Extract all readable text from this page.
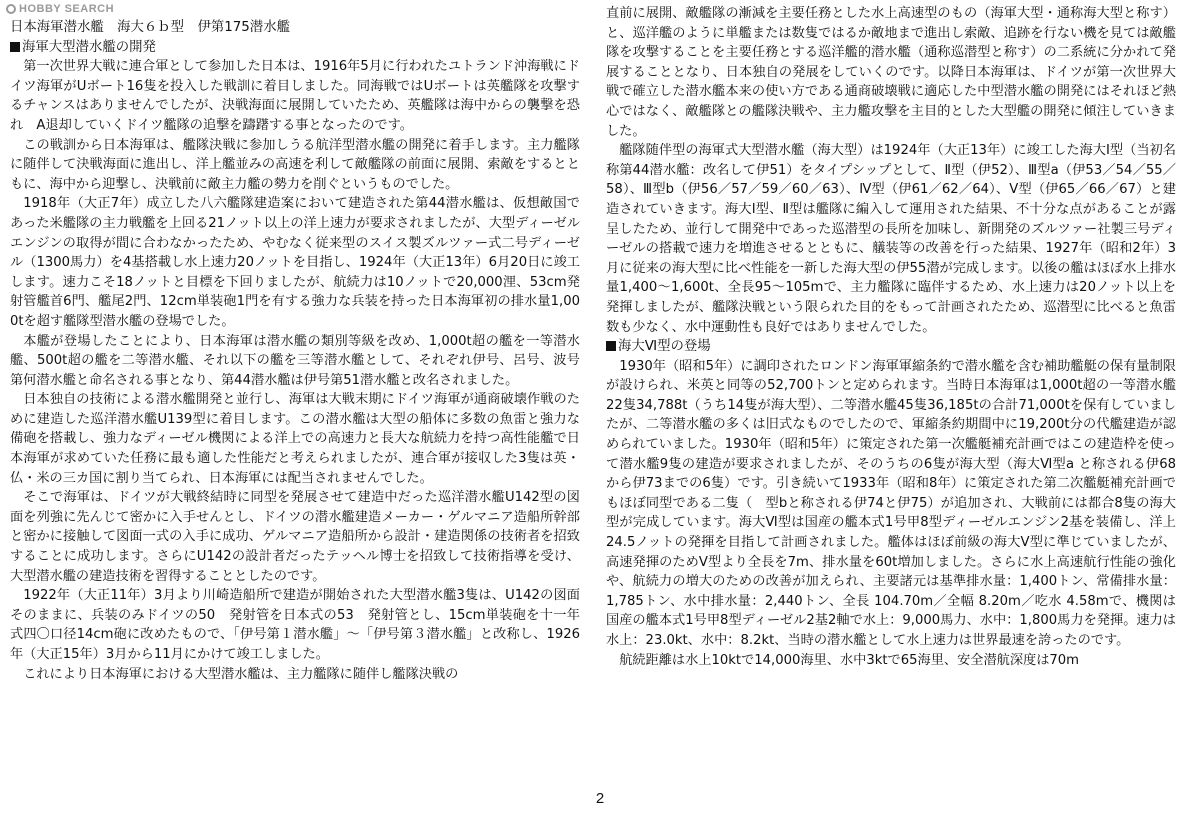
HOBBY SEARCH
日本海軍潜水艦　海大６ｂ型　伊第175潜水艦
海軍大型潜水艦の開発

第一次世界大戦に連合軍として参加した日本は、1916年5月に行われたユトランド沖海戦にドイツ海軍がUボート16隻を投入した戦訓に着目しました。同海戦ではUボートは英艦隊を攻撃するチャンスはありませんでしたが、決戦海面に展開していたため、英艦隊は海中からの襲撃を恐れ　A退却していくドイツ艦隊の追撃を躊躇する事となったのです。

この戦訓から日本海軍は、艦隊決戦に参加しうる航洋型潜水艦の開発に着手します。主力艦隊に随伴して決戦海面に進出し、洋上艦並みの高速を利して敵艦隊の前面に展開、索敵をするとともに、海中から迎撃し、決戦前に敵主力艦の勢力を削ぐというものでした。

1918年（大正7年）成立した八六艦隊建造案において建造された第44潜水艦は、仮想敵国であった米艦隊の主力戦艦を上回る21ノット以上の洋上速力が要求されましたが、大型ディーゼルエンジンの取得が間に合わなかったため、やむなく従来型のスイス製ズルツァー式二号ディーゼル（1300馬力）を4基搭載し水上速力20ノットを目指し、1924年（大正13年）6月20日に竣工します。速力こそ18ノットと目標を下回りましたが、航続力は10ノットで20,000浬、53cm発射管艦首6門、艦尾2門、12cm単装砲1門を有する強力な兵装を持った日本海軍初の排水量1,000tを超す艦隊型潜水艦の登場でした。

本艦が登場したことにより、日本海軍は潜水艦の類別等級を改め、1,000t超の艦を一等潜水艦、500t超の艦を二等潜水艦、それ以下の艦を三等潜水艦として、それぞれ伊号、呂号、波号第何潜水艦と命名される事となり、第44潜水艦は伊号第51潜水艦と改名されました。

日本独自の技術による潜水艦開発と並行し、海軍は大戦末期にドイツ海軍が通商破壊作戦のために建造した巡洋潜水艦U139型に着目します。この潜水艦は大型の船体に多数の魚雷と強力な備砲を搭載し、強力なディーゼル機関による洋上での高速力と長大な航続力を持つ高性能艦で日本海軍が求めていた任務に最も適した性能だと考えられましたが、連合軍が接収した3隻は英・仏・米の三カ国に割り当てられ、日本海軍には配当されませんでした。

そこで海軍は、ドイツが大戦終結時に同型を発展させて建造中だった巡洋潜水艦U142型の図面を列強に先んじて密かに入手せんとし、ドイツの潜水艦建造メーカー・ゲルマニア造船所幹部と密かに接触して図面一式の入手に成功、ゲルマニア造船所から設計・建造関係の技術者を招致することに成功します。さらにU142の設計者だったテッヘル博士を招致して技術指導を受け、大型潜水艦の建造技術を習得することとしたのです。

1922年（大正11年）3月より川崎造船所で建造が開始された大型潜水艦3隻は、U142の図面そのままに、兵装のみドイツの50　発射管を日本式の53　発射管とし、15cm単装砲を十一年式四〇口径14cm砲に改めたもので、「伊号第１潜水艦」～「伊号第３潜水艦」と改称し、1926年（大正15年）3月から11月にかけて竣工しました。

これにより日本海軍における大型潜水艦は、主力艦隊に随伴し艦隊決戦の

直前に展開、敵艦隊の漸減を主要任務とした水上高速型のもの（海軍大型・通称海大型と称す）と、巡洋艦のように単艦または数隻ではるか敵地まで進出し索敵、追跡を行ない機を見ては敵艦隊を攻撃することを主要任務とする巡洋艦的潜水艦（通称巡潜型と称す）の二系統に分かれて発展することとなり、日本独自の発展をしていくのです。以降日本海軍は、ドイツが第一次世界大戦で確立した潜水艦本来の使い方である通商破壊戦に適応した中型潜水艦の開発にはそれほど熱心ではなく、敵艦隊との艦隊決戦や、主力艦攻撃を主目的とした大型艦の開発に傾注していきました。

艦隊随伴型の海軍式大型潜水艦（海大型）は1924年（大正13年）に竣工した海大Ⅰ型（当初名称第44潜水艦：改名して伊51）をタイプシップとして、Ⅱ型（伊52）、Ⅲ型a（伊53／54／55／58）、Ⅲ型b（伊56／57／59／60／63）、Ⅳ型（伊61／62／64）、Ⅴ型（伊65／66／67）と建造されていきます。海大Ⅰ型、Ⅱ型は艦隊に編入して運用された結果、不十分な点があることが露呈したため、並行して開発中であった巡潜型の長所を加味し、新開発のズルツァー社製三号ディーゼルの搭載で速力を増進させるとともに、艤装等の改善を行った結果、1927年（昭和2年）3月に従来の海大型に比べ性能を一新した海大型の伊55潜が完成します。以後の艦はほぼ水上排水量1,400～1,600t、全長95～105mで、主力艦隊に臨伴するため、水上速力は20ノット以上を発揮しましたが、艦隊決戦という限られた目的をもって計画されたため、巡潜型に比べると魚雷数も少なく、水中運動性も良好ではありませんでした。

海大Ⅵ型の登場

1930年（昭和5年）に調印されたロンドン海軍軍縮条約で潜水艦を含む補助艦艇の保有量制限が設けられ、米英と同等の52,700トンと定められます。当時日本海軍は1,000t超の一等潜水艦22隻34,788t（うち14隻が海大型）、二等潜水艦45隻36,185tの合計71,000tを保有していましたが、二等潜水艦の多くは旧式なものでしたので、軍縮条約期間中に19,200t分の代艦建造が認められていました。1930年（昭和5年）に策定された第一次艦艇補充計画ではこの建造枠を使って潜水艦9隻の建造が要求されましたが、そのうちの6隻が海大型（海大Ⅵ型a と称される伊68から伊73までの6隻）です。引き続いて1933年（昭和8年）に策定された第二次艦艇補充計画でもほぼ同型である二隻（　型bと称される伊74と伊75）が追加され、大戦前には都合8隻の海大　型が完成しています。海大Ⅵ型は国産の艦本式1号甲8型ディーゼルエンジン2基を装備し、洋上24.5ノットの発揮を目指して計画されました。艦体はほぼ前級の海大Ⅴ型に準じていましたが、高速発揮のためⅤ型より全長を7m、排水量を60t増加しました。さらに水上高速航行性能の強化や、航続力の増大のための改善が加えられ、主要諸元は基準排水量：1,400トン、常備排水量：1,785トン、水中排水量：2,440トン、全長 104.70m／全幅 8.20m／吃水 4.58mで、機関は国産の艦本式1号甲8型ディーゼル2基2軸で水上：9,000馬力、水中：1,800馬力を発揮。速力は水上：23.0kt、水中：8.2kt、当時の潜水艦として水上速力は世界最速を誇ったのです。

航続距離は水上10ktで14,000海里、水中3ktで65海里、安全潜航深度は70m

2
